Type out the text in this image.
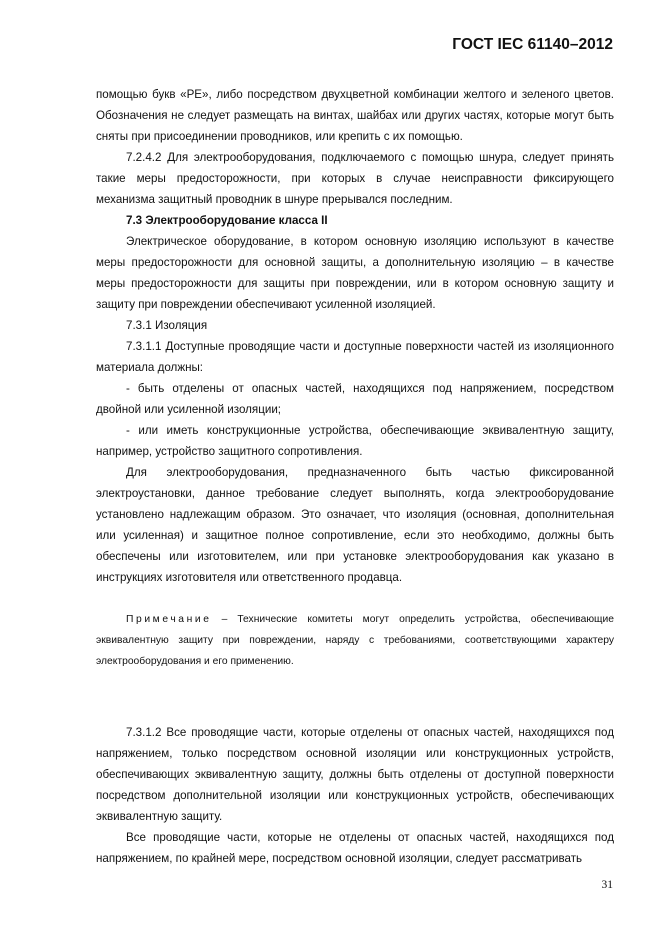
ГОСТ IEC 61140–2012

помощью букв «PE», либо посредством двухцветной комбинации желтого и зеленого цветов. Обозначения не следует размещать на винтах, шайбах или других частях, которые могут быть сняты при присоединении проводников, или крепить с их помощью.

7.2.4.2 Для электрооборудования, подключаемого с помощью шнура, следует принять такие меры предосторожности, при которых в случае неисправности фиксирующего механизма защитный проводник в шнуре прерывался последним.

7.3 Электрооборудование класса II

Электрическое оборудование, в котором основную изоляцию используют в качестве меры предосторожности для основной защиты, а дополнительную изоляцию – в качестве меры предосторожности для защиты при повреждении, или в котором основную защиту и защиту при повреждении обеспечивают усиленной изоляцией.

7.3.1 Изоляция

7.3.1.1 Доступные проводящие части и доступные поверхности частей из изоляционного материала должны:

- быть отделены от опасных частей, находящихся под напряжением, посредством двойной или усиленной изоляции;

- или иметь конструкционные устройства, обеспечивающие эквивалентную защиту, например, устройство защитного сопротивления.

Для электрооборудования, предназначенного быть частью фиксированной электроустановки, данное требование следует выполнять, когда электрооборудование установлено надлежащим образом. Это означает, что изоляция (основная, дополнительная или усиленная) и защитное полное сопротивление, если это необходимо, должны быть обеспечены или изготовителем, или при установке электрооборудования как указано в инструкциях изготовителя или ответственного продавца.

Примечание – Технические комитеты могут определить устройства, обеспечивающие эквивалентную защиту при повреждении, наряду с требованиями, соответствующими характеру электрооборудования и его применению.

7.3.1.2 Все проводящие части, которые отделены от опасных частей, находящихся под напряжением, только посредством основной изоляции или конструкционных устройств, обеспечивающих эквивалентную защиту, должны быть отделены от доступной поверхности посредством дополнительной изоляции или конструкционных устройств, обеспечивающих эквивалентную защиту.

Все проводящие части, которые не отделены от опасных частей, находящихся под напряжением, по крайней мере, посредством основной изоляции, следует рассматривать

31
